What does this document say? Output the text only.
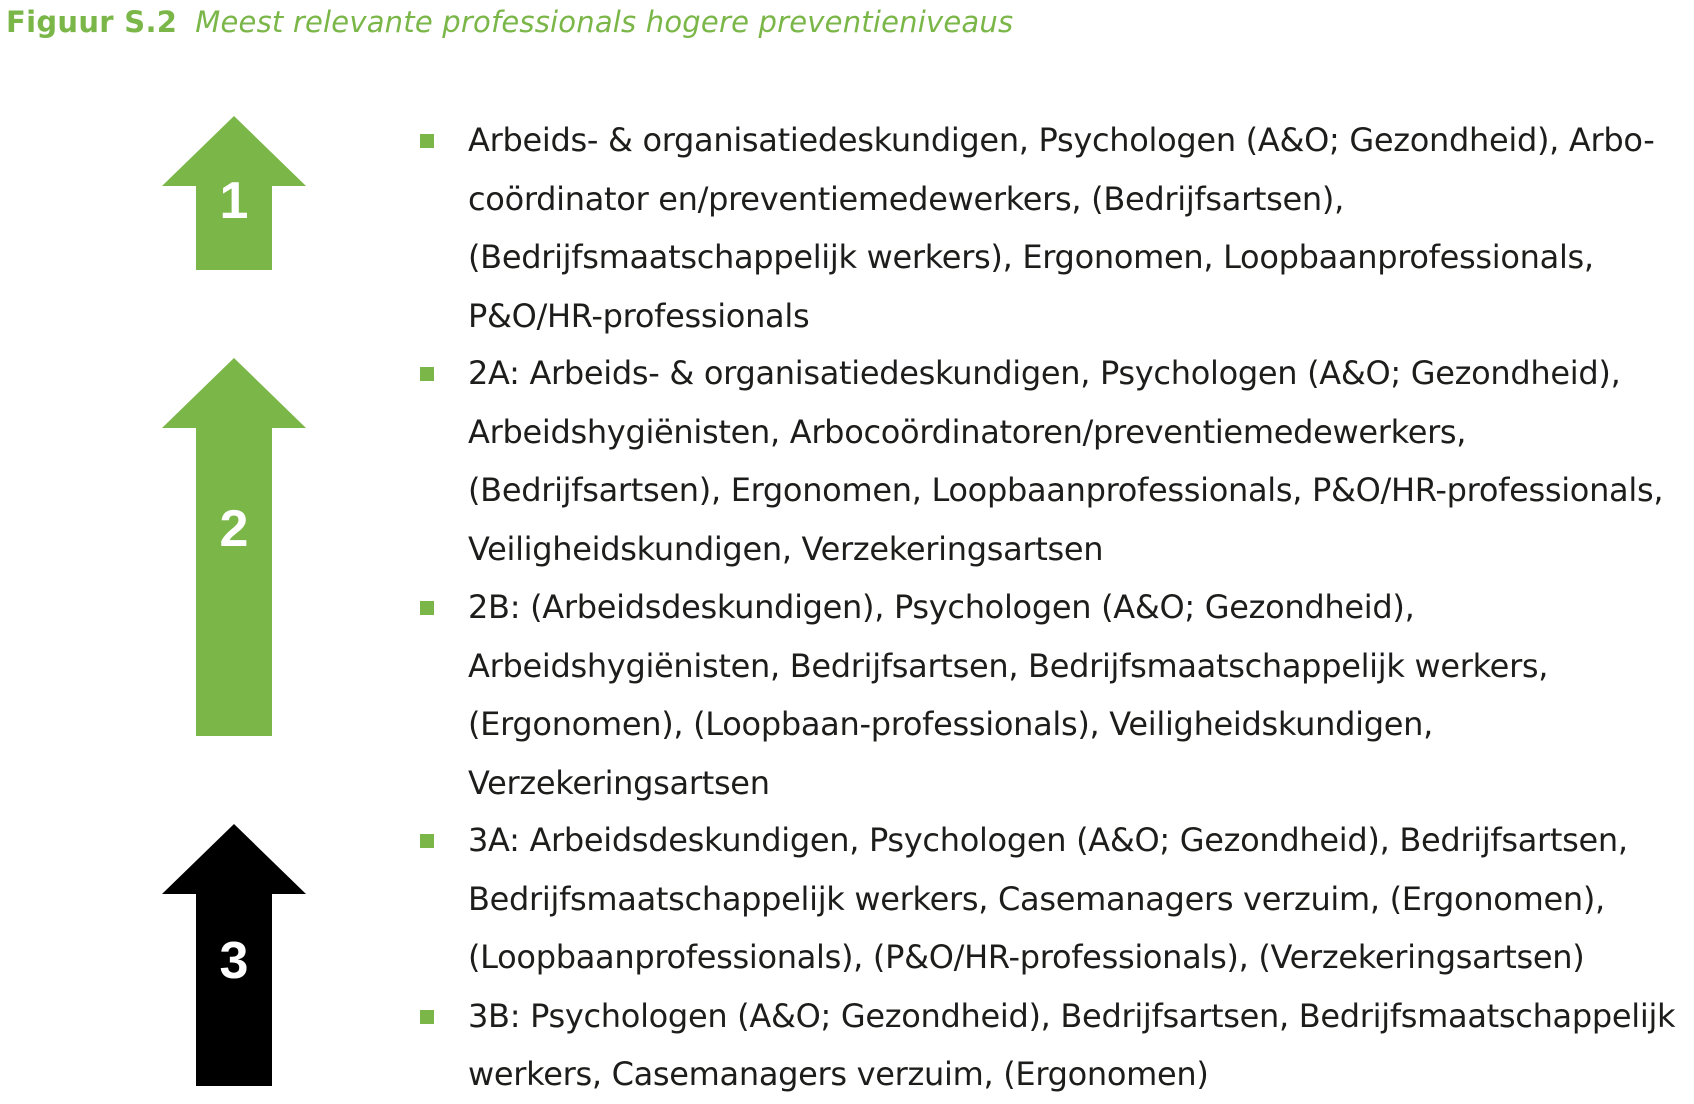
Figuur S.2 Meest relevante professionals hogere preventieniveaus
1
2
3
Arbeids- & organisatiedeskundigen, Psychologen (A&O; Gezondheid), Arbo-coördinator en/preventiemedewerkers, (Bedrijfsartsen), (Bedrijfsmaatschappelijk werkers), Ergonomen, Loopbaanprofessionals, P&O/HR-professionals
2A: Arbeids- & organisatiedeskundigen, Psychologen (A&O; Gezondheid), Arbeidshygiënisten, Arbocoördinatoren/preventiemedewerkers, (Bedrijfsartsen), Ergonomen, Loopbaanprofessionals, P&O/HR-professionals, Veiligheidskundigen, Verzekeringsartsen
2B: (Arbeidsdeskundigen), Psychologen (A&O; Gezondheid), Arbeidshygiënisten, Bedrijfsartsen, Bedrijfsmaatschappelijk werkers, (Ergonomen), (Loopbaan-professionals), Veiligheidskundigen, Verzekeringsartsen
3A: Arbeidsdeskundigen, Psychologen (A&O; Gezondheid), Bedrijfsartsen, Bedrijfsmaatschappelijk werkers, Casemanagers verzuim, (Ergonomen), (Loopbaanprofessionals), (P&O/HR-professionals), (Verzekeringsartsen)
3B: Psychologen (A&O; Gezondheid), Bedrijfsartsen, Bedrijfsmaatschappelijk werkers, Casemanagers verzuim, (Ergonomen)
